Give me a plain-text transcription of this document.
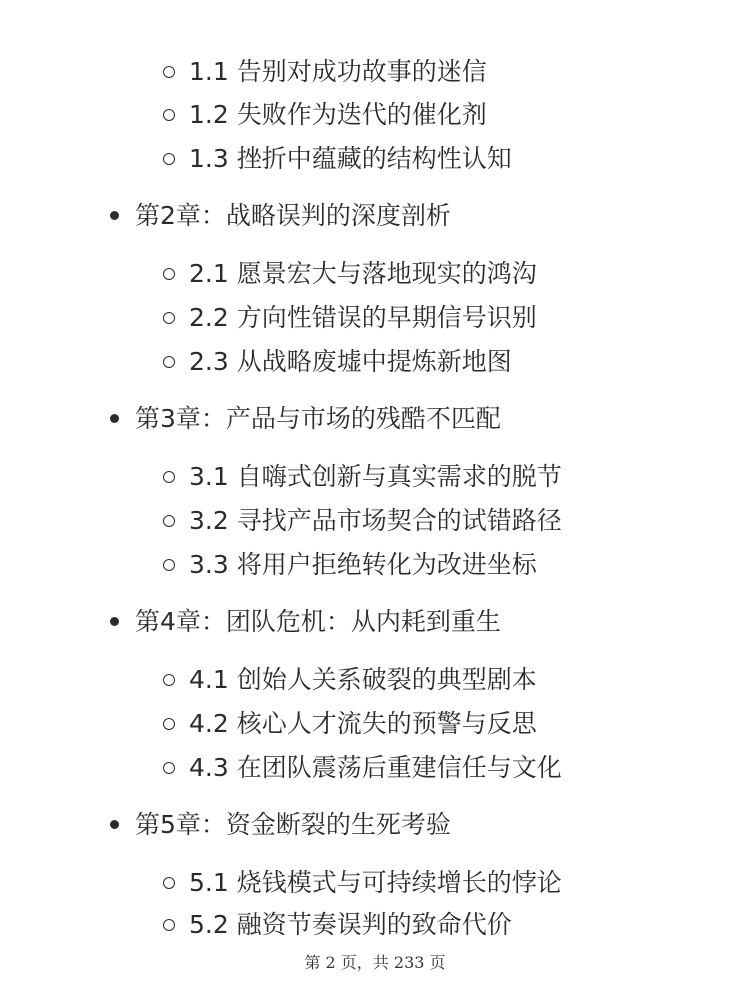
1.1 告别对成功故事的迷信
1.2 失败作为迭代的催化剂
1.3 挫折中蕴藏的结构性认知
第2章：战略误判的深度剖析
2.1 愿景宏大与落地现实的鸿沟
2.2 方向性错误的早期信号识别
2.3 从战略废墟中提炼新地图
第3章：产品与市场的残酷不匹配
3.1 自嗨式创新与真实需求的脱节
3.2 寻找产品市场契合的试错路径
3.3 将用户拒绝转化为改进坐标
第4章：团队危机：从内耗到重生
4.1 创始人关系破裂的典型剧本
4.2 核心人才流失的预警与反思
4.3 在团队震荡后重建信任与文化
第5章：资金断裂的生死考验
5.1 烧钱模式与可持续增长的悖论
5.2 融资节奏误判的致命代价
第 2 页，共 233 页
